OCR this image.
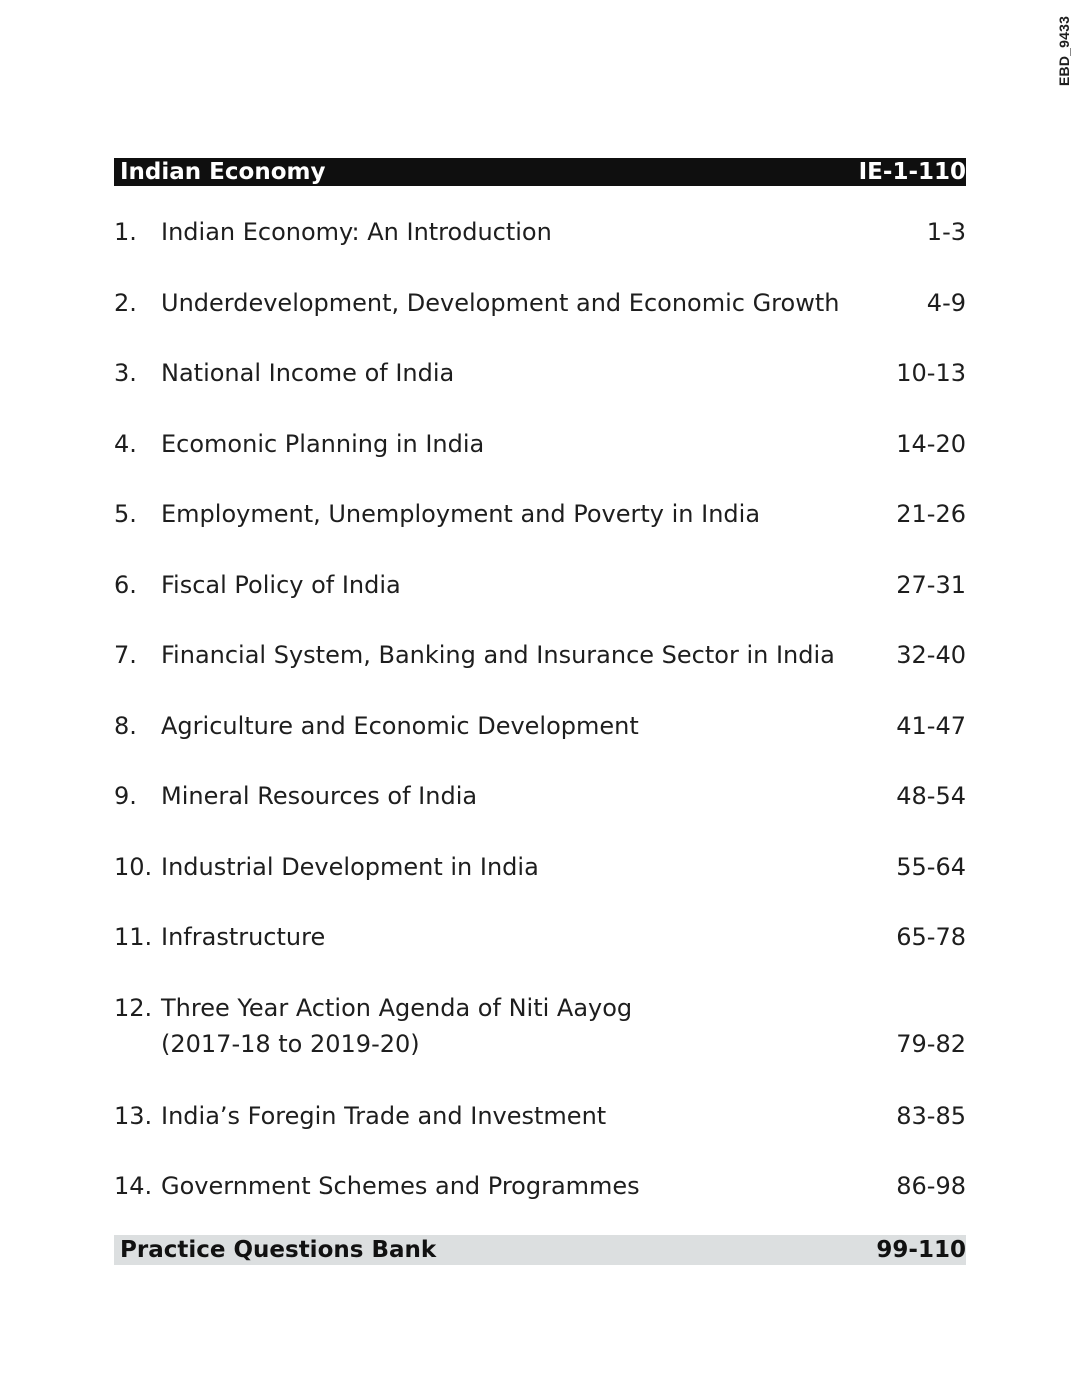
EBD_9433
Indian Economy	IE-1-110
1.	Indian Economy: An Introduction	1-3
2.	Underdevelopment, Development and Economic Growth	4-9
3.	National Income of India	10-13
4.	Ecomonic Planning in India	14-20
5.	Employment, Unemployment and Poverty in India	21-26
6.	Fiscal Policy of India	27-31
7.	Financial System, Banking and Insurance Sector in India	32-40
8.	Agriculture and Economic Development	41-47
9.	Mineral Resources of India	48-54
10. Industrial Development in India	55-64
11. Infrastructure	65-78
12. Three Year Action Agenda of Niti Aayog
(2017-18 to 2019-20)	79-82
13. India’s Foregin Trade and Investment	83-85
14. Government Schemes and Programmes	86-98
Practice Questions Bank	99-110
